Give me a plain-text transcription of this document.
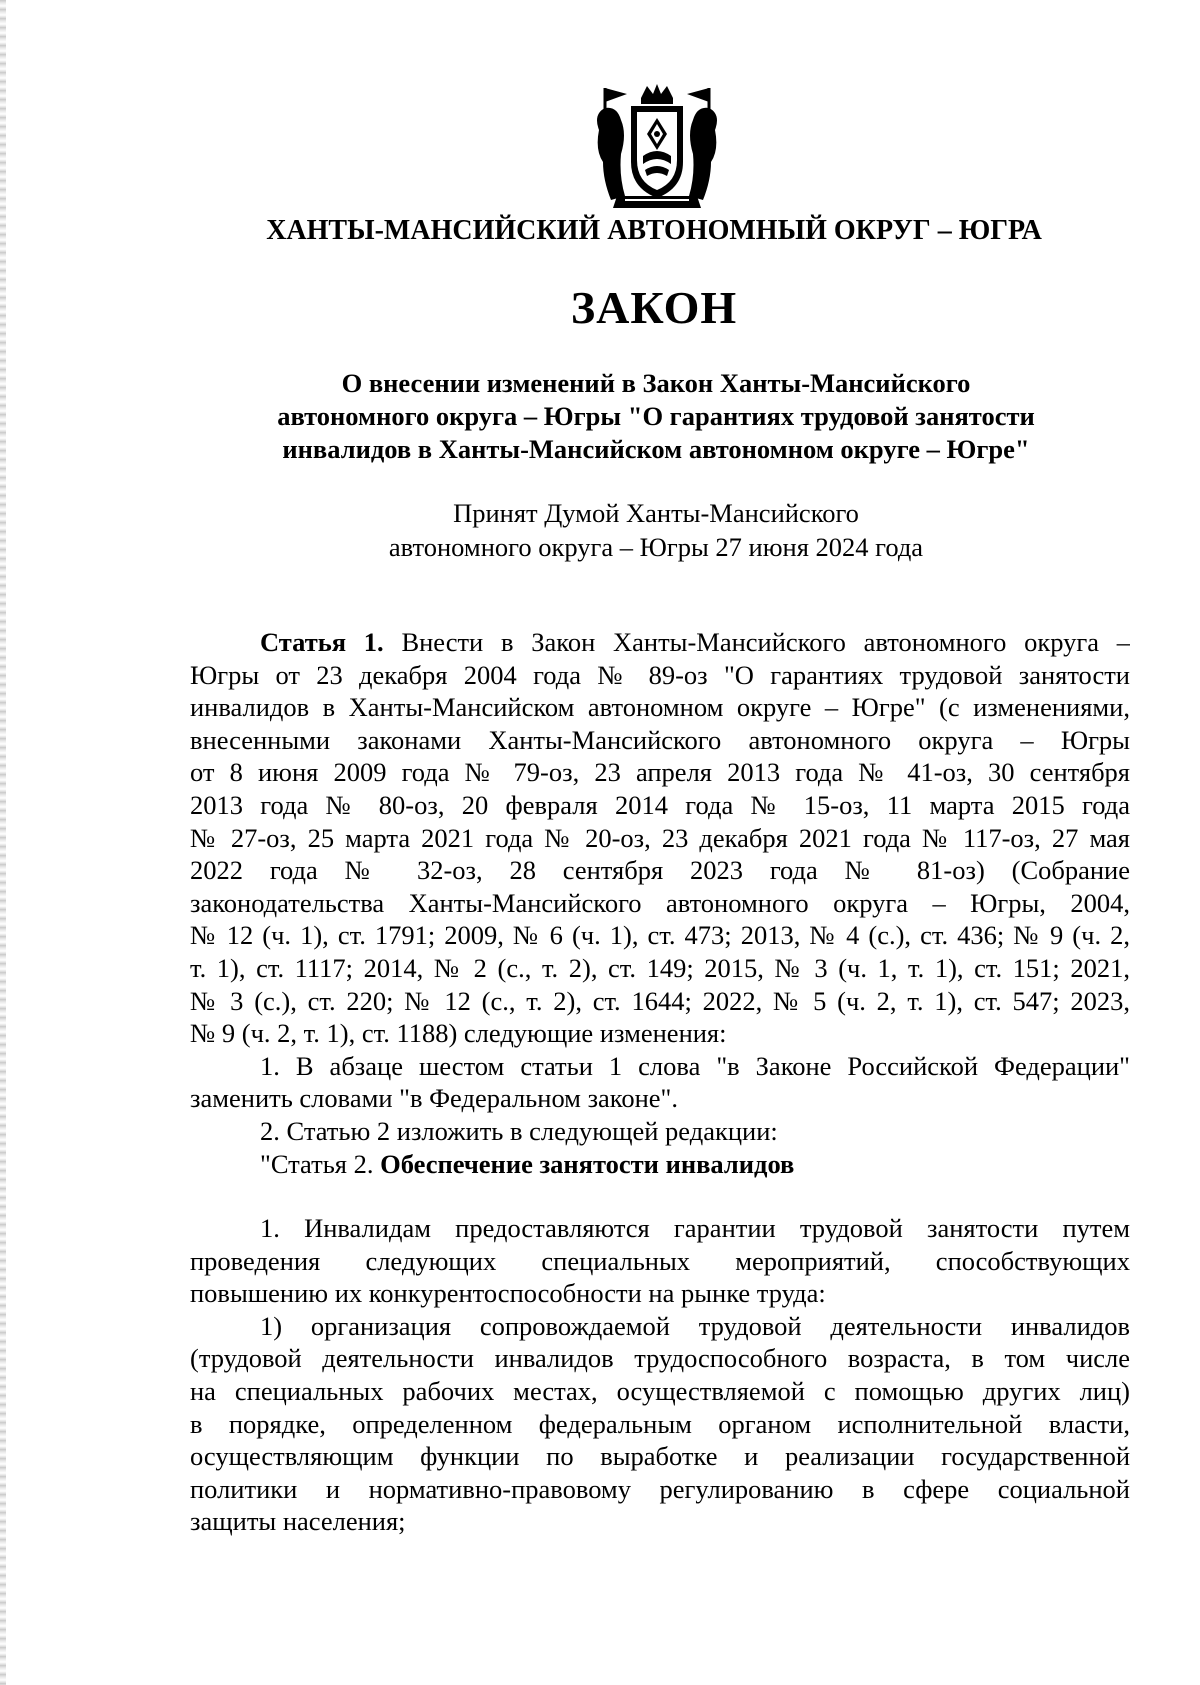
ХАНТЫ-МАНСИЙСКИЙ АВТОНОМНЫЙ ОКРУГ – ЮГРА
ЗАКОН
О внесении изменений в Закон Ханты-Мансийского
автономного округа – Югры "О гарантиях трудовой занятости
инвалидов в Ханты-Мансийском автономном округе – Югре"
Принят Думой Ханты-Мансийского
автономного округа – Югры 27 июня 2024 года
Статья 1. Внести в Закон Ханты-Мансийского автономного округа –
Югры от 23 декабря 2004 года № 89-оз "О гарантиях трудовой занятости
инвалидов в Ханты-Мансийском автономном округе – Югре" (с изменениями,
внесенными законами Ханты-Мансийского автономного округа – Югры
от 8 июня 2009 года № 79-оз, 23 апреля 2013 года № 41-оз, 30 сентября
2013 года № 80-оз, 20 февраля 2014 года № 15-оз, 11 марта 2015 года
№ 27-оз, 25 марта 2021 года № 20-оз, 23 декабря 2021 года № 117-оз, 27 мая
2022 года № 32-оз, 28 сентября 2023 года № 81-оз) (Собрание
законодательства Ханты-Мансийского автономного округа – Югры, 2004,
№ 12 (ч. 1), ст. 1791; 2009, № 6 (ч. 1), ст. 473; 2013, № 4 (с.), ст. 436; № 9 (ч. 2,
т. 1), ст. 1117; 2014, № 2 (с., т. 2), ст. 149; 2015, № 3 (ч. 1, т. 1), ст. 151; 2021,
№ 3 (с.), ст. 220; № 12 (с., т. 2), ст. 1644; 2022, № 5 (ч. 2, т. 1), ст. 547; 2023,
№ 9 (ч. 2, т. 1), ст. 1188) следующие изменения:
1. В абзаце шестом статьи 1 слова "в Законе Российской Федерации"
заменить словами "в Федеральном законе".
2. Статью 2 изложить в следующей редакции:
"Статья 2. Обеспечение занятости инвалидов
1. Инвалидам предоставляются гарантии трудовой занятости путем
проведения следующих специальных мероприятий, способствующих
повышению их конкурентоспособности на рынке труда:
1) организация сопровождаемой трудовой деятельности инвалидов
(трудовой деятельности инвалидов трудоспособного возраста, в том числе
на специальных рабочих местах, осуществляемой с помощью других лиц)
в порядке, определенном федеральным органом исполнительной власти,
осуществляющим функции по выработке и реализации государственной
политики и нормативно-правовому регулированию в сфере социальной
защиты населения;
